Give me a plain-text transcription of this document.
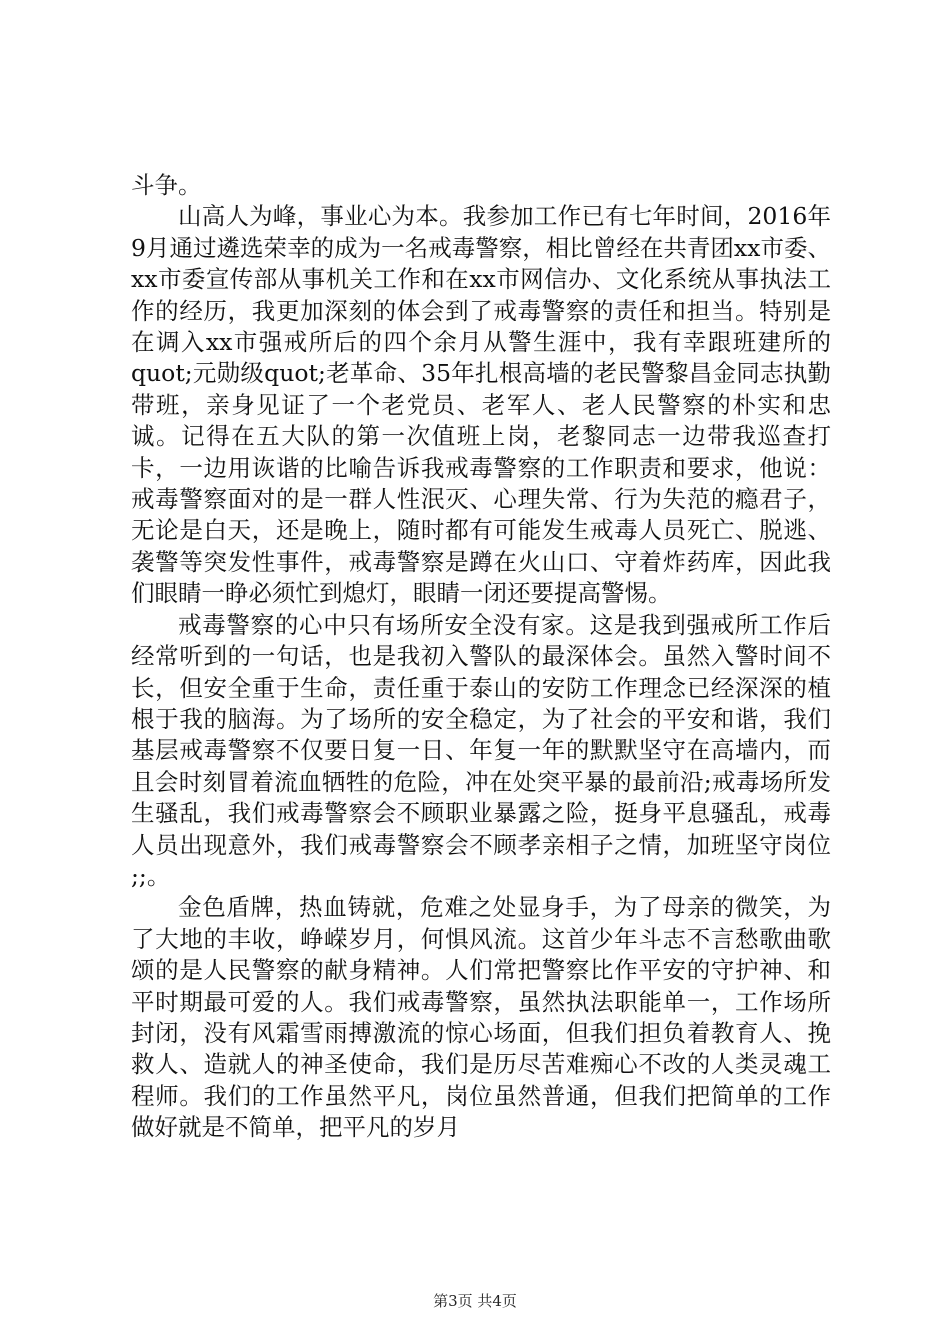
斗争。

山高人为峰，事业心为本。我参加工作已有七年时间，2016年9月通过遴选荣幸的成为一名戒毒警察，相比曾经在共青团xx市委、xx市委宣传部从事机关工作和在xx市网信办、文化系统从事执法工作的经历，我更加深刻的体会到了戒毒警察的责任和担当。特别是在调入xx市强戒所后的四个余月从警生涯中，我有幸跟班建所的quot;元勋级quot;老革命、35年扎根高墙的老民警黎昌金同志执勤带班，亲身见证了一个老党员、老军人、老人民警察的朴实和忠诚。记得在五大队的第一次值班上岗，老黎同志一边带我巡查打卡，一边用诙谐的比喻告诉我戒毒警察的工作职责和要求，他说：戒毒警察面对的是一群人性泯灭、心理失常、行为失范的瘾君子，无论是白天，还是晚上，随时都有可能发生戒毒人员死亡、脱逃、袭警等突发性事件，戒毒警察是蹲在火山口、守着炸药库，因此我们眼睛一睁必须忙到熄灯，眼睛一闭还要提高警惕。

戒毒警察的心中只有场所安全没有家。这是我到强戒所工作后经常听到的一句话，也是我初入警队的最深体会。虽然入警时间不长，但安全重于生命，责任重于泰山的安防工作理念已经深深的植根于我的脑海。为了场所的安全稳定，为了社会的平安和谐，我们基层戒毒警察不仅要日复一日、年复一年的默默坚守在高墙内，而且会时刻冒着流血牺牲的危险，冲在处突平暴的最前沿;戒毒场所发生骚乱，我们戒毒警察会不顾职业暴露之险，挺身平息骚乱，戒毒人员出现意外，我们戒毒警察会不顾孝亲相子之情，加班坚守岗位 ;;。

金色盾牌，热血铸就，危难之处显身手，为了母亲的微笑，为了大地的丰收，峥嵘岁月，何惧风流。这首少年斗志不言愁歌曲歌颂的是人民警察的献身精神。人们常把警察比作平安的守护神、和平时期最可爱的人。我们戒毒警察，虽然执法职能单一，工作场所封闭，没有风霜雪雨搏激流的惊心场面，但我们担负着教育人、挽救人、造就人的神圣使命，我们是历尽苦难痴心不改的人类灵魂工程师。我们的工作虽然平凡，岗位虽然普通，但我们把简单的工作做好就是不简单，把平凡的岁月

第3页 共4页
